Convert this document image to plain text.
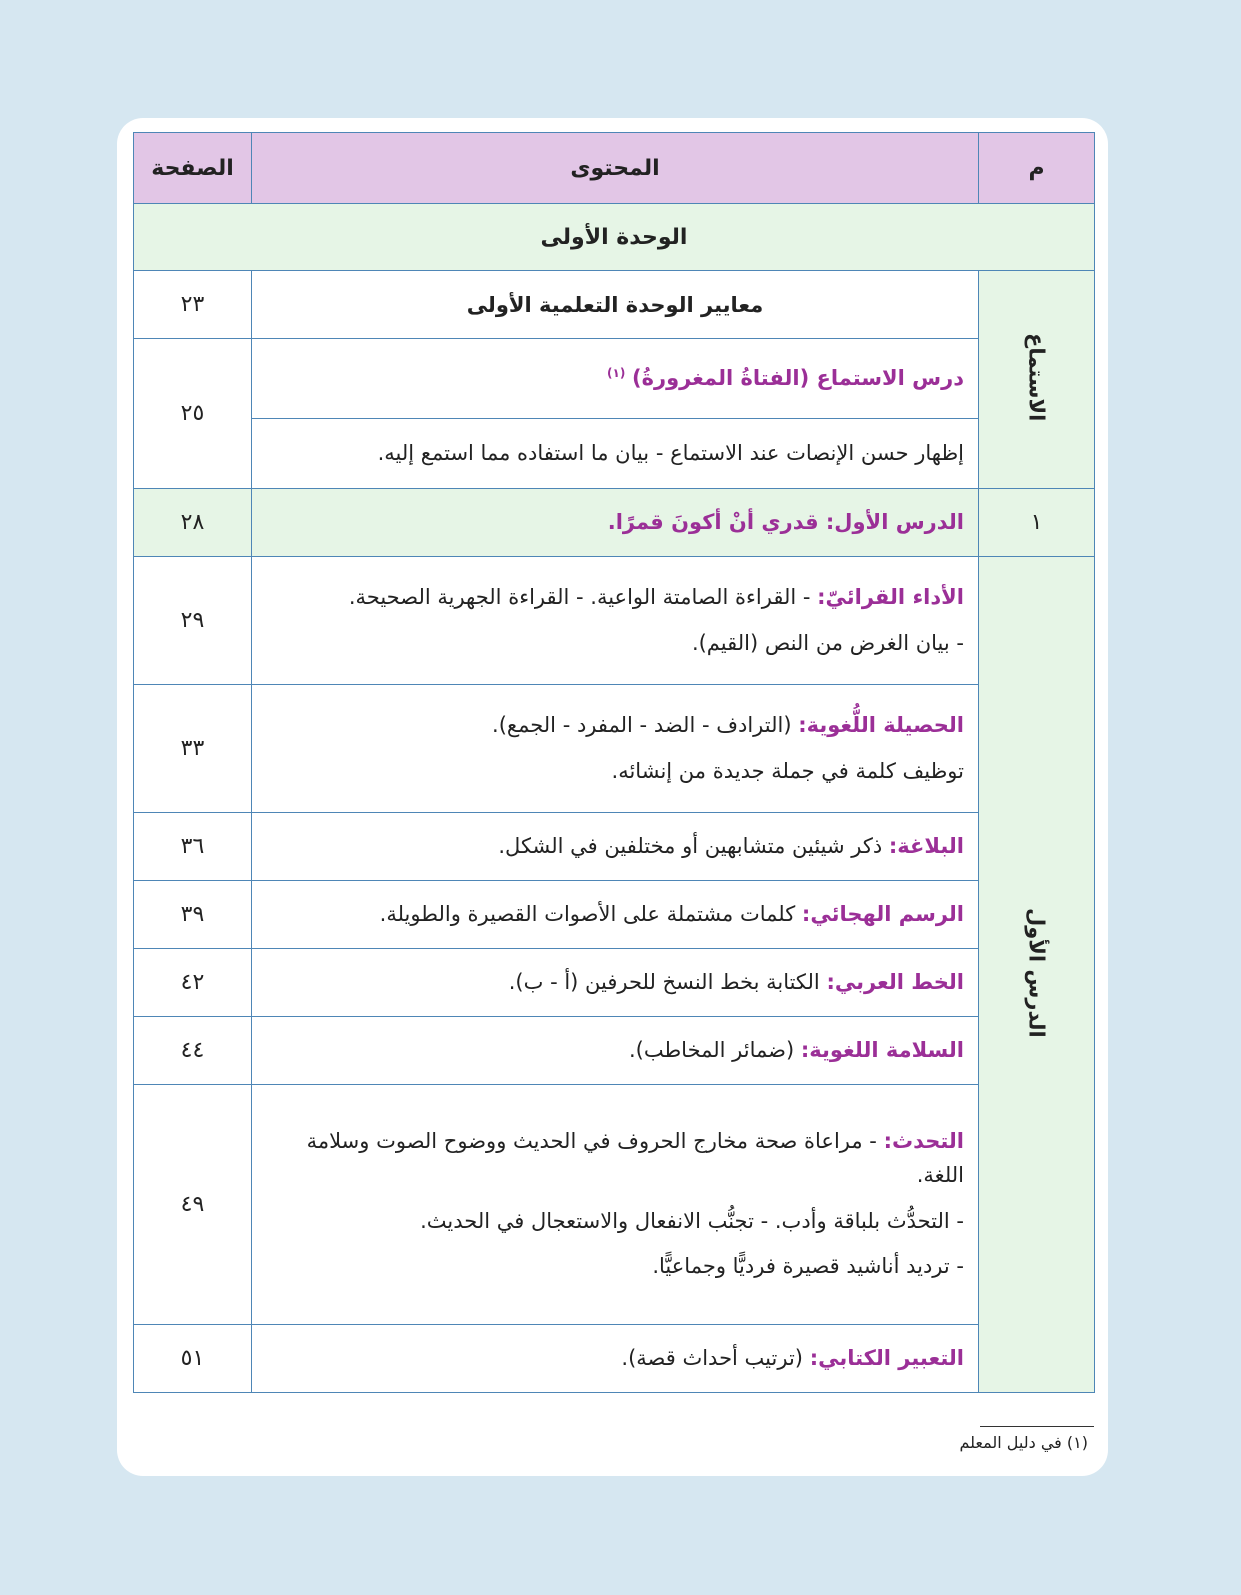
م	المحتوى	الصفحة
الوحدة الأولى		

الاستماع	معايير الوحدة التعلمية الأولى	٢٣
	درس الاستماع (الفتاةُ المغرورةُ) $^{(١)}$	٢٥
	إظهار حسن الإنصات عند الاستماع - بيان ما استفاده مما استمع إليه.	
١	الدرس الأول: قدري أنْ أكونَ قمرًا.	٢٨

الدرس الأول	الأداء القرائيّ: - القراءة الصامتة الواعية. - القراءة الجهرية الصحيحة.
- بيان الغرض من النص (القيم).	٢٩

	الحصيلة اللُّغوية: (الترادف - الضد - المفرد - الجمع).
توظيف كلمة في جملة جديدة من إنشائه.	٣٣
	البلاغة: ذكر شيئين متشابهين أو مختلفين في الشكل.	٣٦
	الرسم الهجائي: كلمات مشتملة على الأصوات القصيرة والطويلة.	٣٩
	الخط العربي: الكتابة بخط النسخ للحرفين (أ - ب).	٤٢
	السلامة اللغوية: (ضمائر المخاطب).	٤٤

	التحدث: - مراعاة صحة مخارج الحروف في الحديث ووضوح الصوت وسلامة اللغة.
- التحدُّث بلباقة وأدب. - تجنُّب الانفعال والاستعجال في الحديث.
- ترديد أناشيد قصيرة فرديًّا وجماعيًّا.	٤٩
	التعبير الكتابي: (ترتيب أحداث قصة).	٥١
(١) في دليل المعلم
